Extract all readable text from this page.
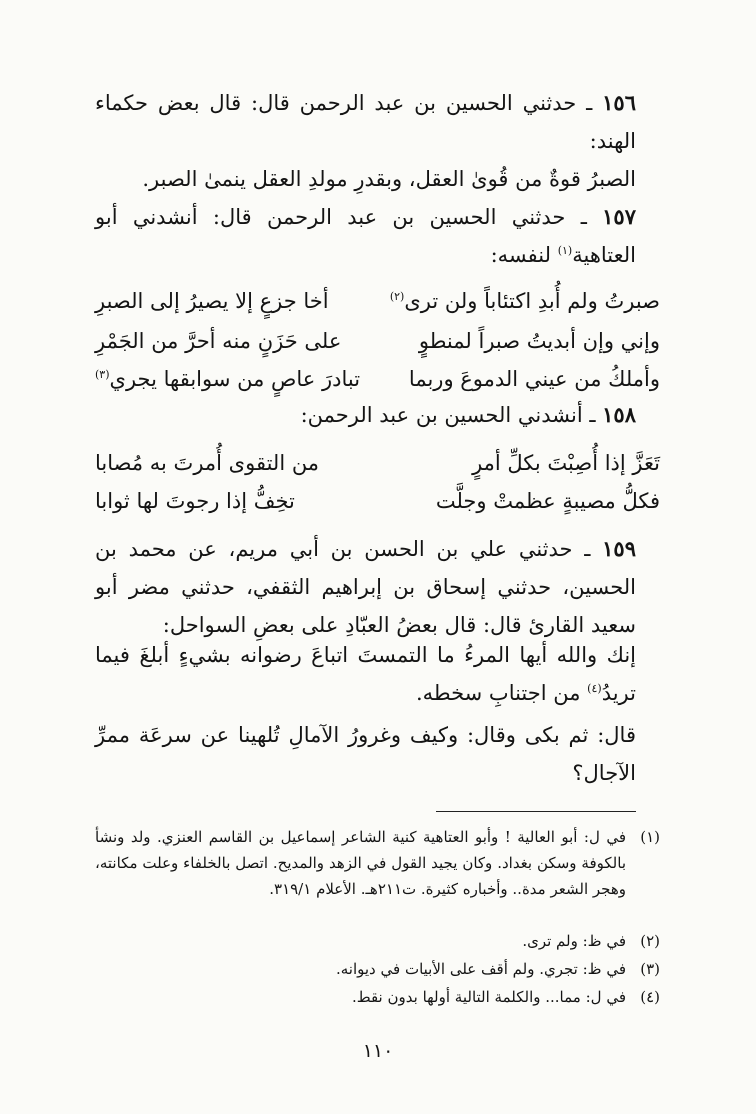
١٥٦ ـ حدثني الحسين بن عبد الرحمن قال: قال بعض حكماء الهند:

الصبرُ قوةٌ من قُوىٰ العقل، وبقدرِ مولدِ العقل ينمىٰ الصبر.

١٥٧ ـ حدثني الحسين بن عبد الرحمن قال: أنشدني أبو العتاهية$^{(١)}$ لنفسه:

صبرتُ ولم أُبدِ اكتئاباً ولن ترى$^{(٢)}$
أخا جزعٍ إلا يصيرُ إلى الصبرِ
وإني وإن أبديتُ صبراً لمنطوٍ
على حَزَنٍ منه أحرَّ من الجَمْرِ
وأملكُ من عيني الدموعَ وربما
تبادرَ عاصٍ من سوابقها يجري$^{(٣)}$

١٥٨ ـ أنشدني الحسين بن عبد الرحمن:

تَعَزَّ إذا أُصِبْتَ بكلِّ أمرٍ
من التقوى أُمرتَ به مُصابا
فكلُّ مصيبةٍ عظمتْ وجلَّت
تخِفُّ إذا رجوتَ لها ثوابا

١٥٩ ـ حدثني علي بن الحسن بن أبي مريم، عن محمد بن الحسين، حدثني إسحاق بن إبراهيم الثقفي، حدثني مضر أبو سعيد القارئ قال: قال بعضُ العبّادِ على بعضِ السواحل:

إنك والله أيها المرءُ ما التمستَ اتباعَ رضوانه بشيءٍ أبلغَ فيما تريدُ$^{(٤)}$ من اجتنابِ سخطه.

قال: ثم بكى وقال: وكيف وغرورُ الآمالِ تُلهينا عن سرعَة ممرِّ الآجال؟

(١)
في ل: أبو العالية ! وأبو العتاهية كنية الشاعر إسماعيل بن القاسم العنزي. ولد ونشأ بالكوفة وسكن بغداد. وكان يجيد القول في الزهد والمديح. اتصل بالخلفاء وعلت مكانته، وهجر الشعر مدة.. وأخباره كثيرة. ت٢١١هـ. الأعلام ٣١٩/١.
(٢)
في ظ: ولم ترى.
(٣)
في ظ: تجري. ولم أقف على الأبيات في ديوانه.
(٤)
في ل: مما... والكلمة التالية أولها بدون نقط.
١١٠
